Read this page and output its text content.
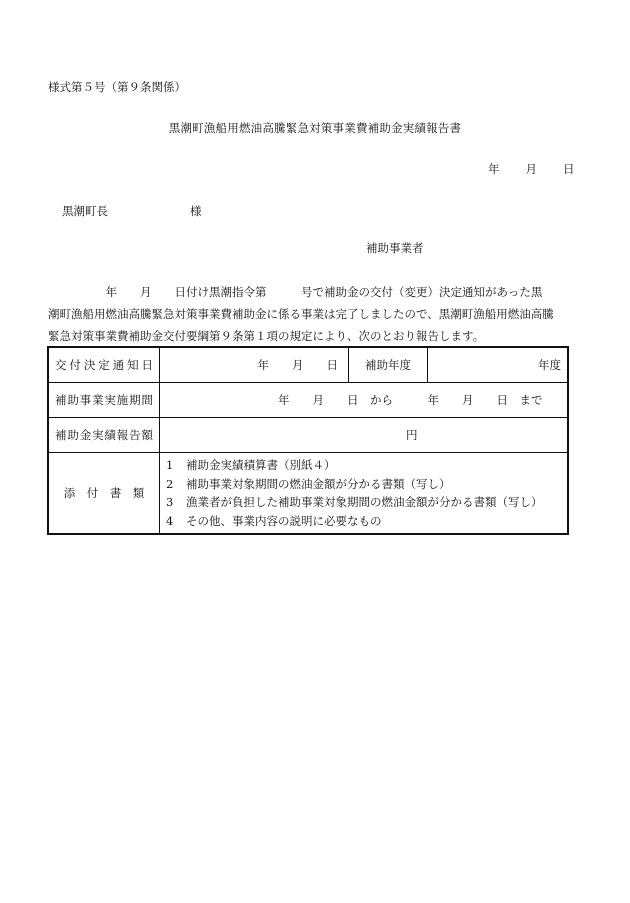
様式第５号（第９条関係）
黒潮町漁船用燃油高騰緊急対策事業費補助金実績報告書
年 月 日
黒潮町長	様
補助事業者
　　　　　年　　月　　日付け黒潮指令第　　　号で補助金の交付（変更）決定通知があった黒
潮町漁船用燃油高騰緊急対策事業費補助金に係る事業は完了しましたので、黒潮町漁船用燃油高騰
緊急対策事業費補助金交付要綱第９条第１項の規定により、次のとおり報告します。
交付決定通知日	年　　月　　日	補助年度	年度
補助事業実施期間	年　　月　　日　から　　　年　　月　　日　まで		
補助金実績報告額	円		
添　付　書　類	1 補助金実績積算書（別紙４）
2 補助事業対象期間の燃油金額が分かる書類（写し）
3 漁業者が負担した補助事業対象期間の燃油金額が分かる書類（写し）
4 その他、事業内容の説明に必要なもの		
